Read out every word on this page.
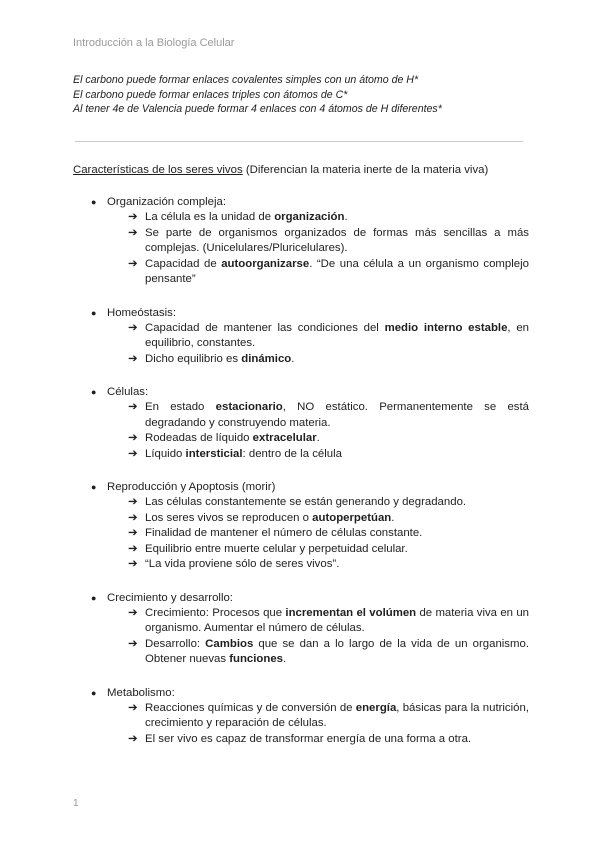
Introducción a la Biología Celular
El carbono puede formar enlaces covalentes simples con un átomo de H*
El carbono puede formar enlaces triples con átomos de C*
Al tener 4e de Valencia puede formar 4 enlaces con 4 átomos de H diferentes*
Características de los seres vivos (Diferencian la materia inerte de la materia viva)
● Organización compleja:
➔ La célula es la unidad de organización.
➔ Se parte de organismos organizados de formas más sencillas a más complejas. (Unicelulares/Pluricelulares).
➔ Capacidad de autoorganizarse. “De una célula a un organismo complejo pensante”
● Homeóstasis:
➔ Capacidad de mantener las condiciones del medio interno estable, en equilibrio, constantes.
➔ Dicho equilibrio es dinámico.
● Células:
➔ En estado estacionario, NO estático. Permanentemente se está degradando y construyendo materia.
➔ Rodeadas de líquido extracelular.
➔ Líquido intersticial: dentro de la célula
● Reproducción y Apoptosis (morir)
➔ Las células constantemente se están generando y degradando.
➔ Los seres vivos se reproducen o autoperpetúan.
➔ Finalidad de mantener el número de células constante.
➔ Equilibrio entre muerte celular y perpetuidad celular.
➔ “La vida proviene sólo de seres vivos”.
● Crecimiento y desarrollo:
➔ Crecimiento: Procesos que incrementan el volúmen de materia viva en un organismo. Aumentar el número de células.
➔ Desarrollo: Cambios que se dan a lo largo de la vida de un organismo. Obtener nuevas funciones.
● Metabolismo:
➔ Reacciones químicas y de conversión de energía, básicas para la nutrición, crecimiento y reparación de células.
➔ El ser vivo es capaz de transformar energía de una forma a otra.
1
